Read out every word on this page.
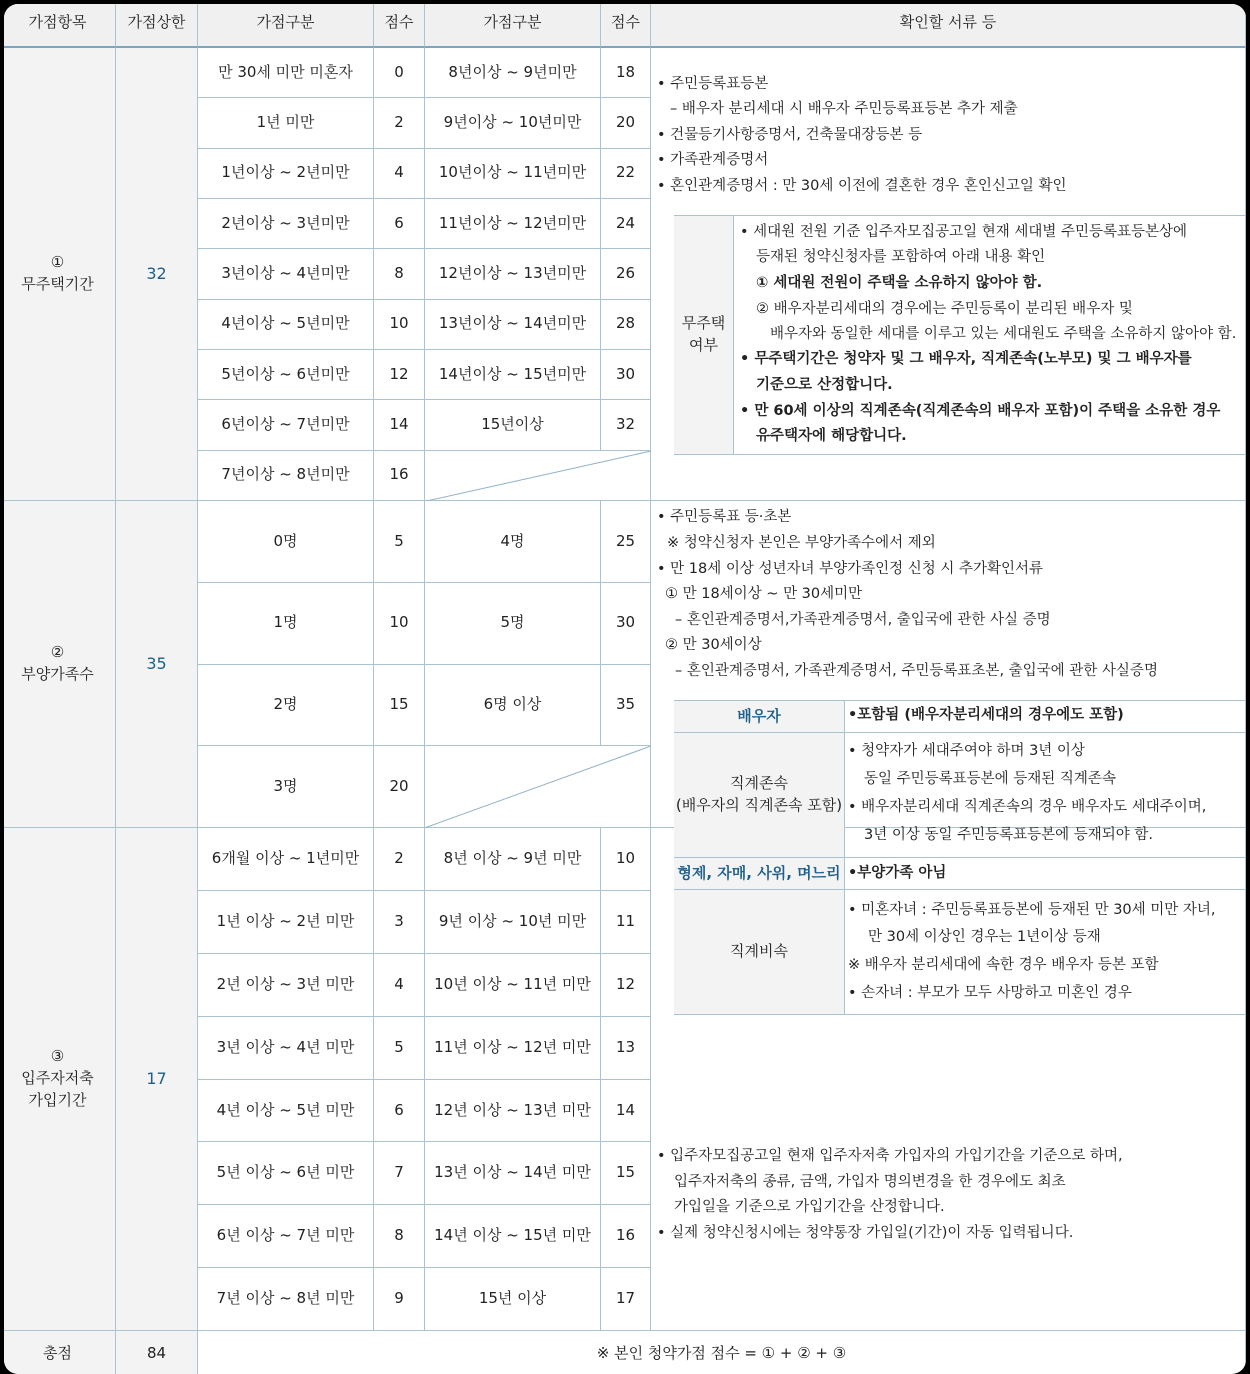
가점항목	가점상한	가점구분	점수	가점구분	점수	확인할 서류 등
①
무주택기간
32
만 30세 미만 미혼자	0	8년이상 ~ 9년미만	18
1년 미만	2	9년이상 ~ 10년미만 20
1년이상 ~ 2년미만	4 10년이상 ~ 11년미만 22
2년이상 ~ 3년미만	6 11년이상 ~ 12년미만 24
3년이상 ~ 4년미만	8 12년이상 ~ 13년미만 26
4년이상 ~ 5년미만	10 13년이상 ~ 14년미만 28
5년이상 ~ 6년미만	12 14년이상 ~ 15년미만 30
6년이상 ~ 7년미만	14	15년이상	32
7년이상 ~ 8년미만	16
②
부양가족수
35
0명	5	4명	25
1명	10	5명	30
2명	15	6명 이상	35
3명	20
③
입주자저축
가입기간
17
6개월 이상 ~ 1년미만 2	8년 이상 ~ 9년 미만 10
1년 이상 ~ 2년 미만	3 9년 이상 ~ 10년 미만 11
2년 이상 ~ 3년 미만	4 10년 이상 ~ 11년 미만 12
3년 이상 ~ 4년 미만	5 11년 이상 ~ 12년 미만 13
4년 이상 ~ 5년 미만	6 12년 이상 ~ 13년 미만 14
5년 이상 ~ 6년 미만	7 13년 이상 ~ 14년 미만 15
6년 이상 ~ 7년 미만	8 14년 이상 ~ 15년 미만 16
7년 이상 ~ 8년 미만	9	15년 이상	17
• 주민등록표등본
– 배우자 분리세대 시 배우자 주민등록표등본 추가 제출
• 건물등기사항증명서, 건축물대장등본 등
• 가족관계증명서
• 혼인관계증명서 : 만 30세 이전에 결혼한 경우 혼인신고일 확인
무주택
여부
• 세대원 전원 기준 입주자모집공고일 현재 세대별 주민등록표등본상에
등재된 청약신청자를 포함하여 아래 내용 확인
① 세대원 전원이 주택을 소유하지 않아야 함.
② 배우자분리세대의 경우에는 주민등록이 분리된 배우자 및
배우자와 동일한 세대를 이루고 있는 세대원도 주택을 소유하지 않아야 함.
• 무주택기간은 청약자 및 그 배우자, 직계존속(노부모) 및 그 배우자를
기준으로 산정합니다.
• 만 60세 이상의 직계존속(직계존속의 배우자 포함)이 주택을 소유한 경우
유주택자에 해당합니다.
• 주민등록표 등·초본
※ 청약신청자 본인은 부양가족수에서 제외
• 만 18세 이상 성년자녀 부양가족인정 신청 시 추가확인서류
① 만 18세이상 ~ 만 30세미만
– 혼인관계증명서,가족관계증명서, 출입국에 관한 사실 증명
② 만 30세이상
– 혼인관계증명서, 가족관계증명서, 주민등록표초본, 출입국에 관한 사실증명
배우자	•포함됨 (배우자분리세대의 경우에도 포함)
직계존속
(배우자의 직계존속 포함)
• 청약자가 세대주여야 하며 3년 이상
동일 주민등록표등본에 등재된 직계존속
• 배우자분리세대 직계존속의 경우 배우자도 세대주이며,
3년 이상 동일 주민등록표등본에 등재되야 함.
형제, 자매, 사위, 며느리 •부양가족 아님
직계비속
• 미혼자녀 : 주민등록표등본에 등재된 만 30세 미만 자녀,
만 30세 이상인 경우는 1년이상 등재
※ 배우자 분리세대에 속한 경우 배우자 등본 포함
• 손자녀 : 부모가 모두 사망하고 미혼인 경우
• 입주자모집공고일 현재 입주자저축 가입자의 가입기간을 기준으로 하며,
입주자저축의 종류, 금액, 가입자 명의변경을 한 경우에도 최초
가입일을 기준으로 가입기간을 산정합니다.
• 실제 청약신청시에는 청약통장 가입일(기간)이 자동 입력됩니다.
총점	84	※ 본인 청약가점 점수 = ① + ② + ③
